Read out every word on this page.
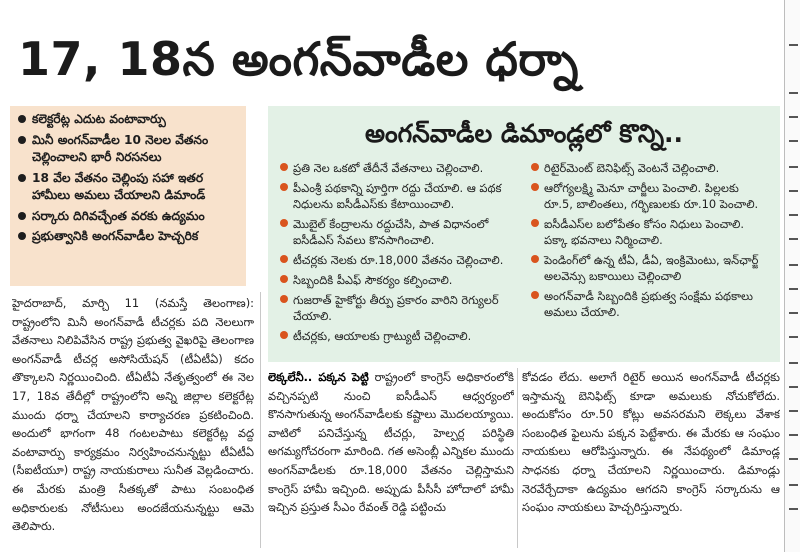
17, 18న అంగన్‌వాడీల ధర్నా
కలెక్టరేట్ల ఎదుట వంటావార్పు
మినీ అంగన్‌వాడీల 10 నెలల వేతనం చెల్లించాలని భారీ నిరసనలు
18 వేల వేతనం చెల్లింపు సహా ఇతర హామీలు అమలు చేయాలని డిమాండ్
సర్కారు దిగివచ్చేంత వరకు ఉద్యమం
ప్రభుత్వానికి అంగన్‌వాడీల హెచ్చరిక
అంగన్‌వాడీల డిమాండ్లలో కొన్ని..
ప్రతి నెల ఒకటో తేదీనే వేతనాలు చెల్లించాలి.
పీఎంశ్రీ పథకాన్ని పూర్తిగా రద్దు చేయాలి. ఆ పథక నిధులను ఐసీడీఎస్‌కు కేటాయించాలి.
మొబైల్ కేంద్రాలను రద్దుచేసి, పాత విధానంలో ఐసీడీఎస్ సేవలు కొనసాగించాలి.
టీచర్లకు నెలకు రూ.18,000 వేతనం చెల్లించాలి.
సిబ్బందికి పీఎఫ్ సౌకర్యం కల్పించాలి.
గుజరాత్ హైకోర్టు తీర్పు ప్రకారం వారిని రెగ్యులర్ చేయాలి.
టీచర్లకు, ఆయాలకు గ్రాట్యుటీ చెల్లించాలి.
రిటైర్‌మెంట్ బెనిఫిట్స్ వెంటనే చెల్లించాలి.
ఆరోగ్యలక్ష్మి మెనూ చార్జీలు పెంచాలి. పిల్లలకు రూ.5, బాలింతలు, గర్భిణులకు రూ.10 పెంచాలి.
ఐసీడీఎస్‌ల బలోపేతం కోసం నిధులు పెంచాలి. పక్కా భవనాలు నిర్మించాలి.
పెండింగ్‌లో ఉన్న టీఏ, డీఏ, ఇంక్రిమెంటు, ఇన్‌ఛార్జ్ అలవెన్సు బకాయిలు చెల్లించాలి
అంగన్‌వాడీ సిబ్బందికి ప్రభుత్వ సంక్షేమ పథకాలు అమలు చేయాలి.
హైదరాబాద్, మార్చి 11 (నమస్తే తెలంగాణ): రాష్ట్రంలోని మినీ అంగన్‌వాడీ టీచర్లకు పది నెలలుగా వేతనాలు నిలిపివేసిన రాష్ట్ర ప్రభుత్వ వైఖరిపై తెలంగాణ అంగన్‌వాడీ టీచర్ల అసోసియేషన్ (టీఏటీఏ) కదం తొక్కాలని నిర్ణయించింది. టీఏటీఏ నేతృత్వంలో ఈ నెల 17, 18వ తేదీల్లో రాష్ట్రంలోని అన్ని జిల్లాల కలెక్టరేట్ల ముందు ధర్నా చేయాలని కార్యాచరణ ప్రకటించింది. అందులో భాగంగా 48 గంటలపాటు కలెక్టరేట్ల వద్ద వంటావార్పు కార్యక్రమం నిర్వహించనున్నట్టు టీఏటీఏ (సీఐటీయూ) రాష్ట్ర నాయకురాలు సునీత వెల్లడించారు. ఈ మేరకు మంత్రి సీతక్కతో పాటు సంబంధిత అధికారులకు నోటీసులు అందజేయనున్నట్టు ఆమె తెలిపారు.
లెక్కలేనీ.. పక్కన పెట్టి రాష్ట్రంలో కాంగ్రెస్ అధికారంలోకి వచ్చినప్పటి నుంచి ఐసీడీఎస్ ఆధ్వర్యంలో కొనసాగుతున్న అంగన్‌వాడీలకు కష్టాలు మొదలయ్యాయి. వాటిలో పనిచేస్తున్న టీచర్లు, హెల్పర్ల పరిస్థితి అగమ్యగోచరంగా మారింది. గత అసెంబ్లీ ఎన్నికల ముందు అంగన్‌వాడీలకు రూ.18,000 వేతనం చెల్లిస్తామని కాంగ్రెస్ హామీ ఇచ్చింది. అప్పుడు పీసీసీ హోదాలో హామీ ఇచ్చిన ప్రస్తుత సీఎం రేవంత్ రెడ్డి పట్టించు
కోవడం లేదు. అలాగే రిటైర్ అయిన అంగన్‌వాడీ టీచర్లకు ఇస్తామన్న బెనిఫిట్స్ కూడా అమలుకు నోచుకోలేదు. అందుకోసం రూ.50 కోట్లు అవసరమని లెక్కలు వేశాక సంబంధిత ఫైలును పక్కన పెట్టేశారు. ఈ మేరకు ఆ సంఘం నాయకులు ఆరోపిస్తున్నారు. ఈ నేపథ్యంలో డిమాండ్ల సాధనకు ధర్నా చేయాలని నిర్ణయించారు. డిమాండ్లు నెరవేర్చేదాకా ఉద్యమం ఆగదని కాంగ్రెస్ సర్కారును ఆ సంఘం నాయకులు హెచ్చరిస్తున్నారు.
